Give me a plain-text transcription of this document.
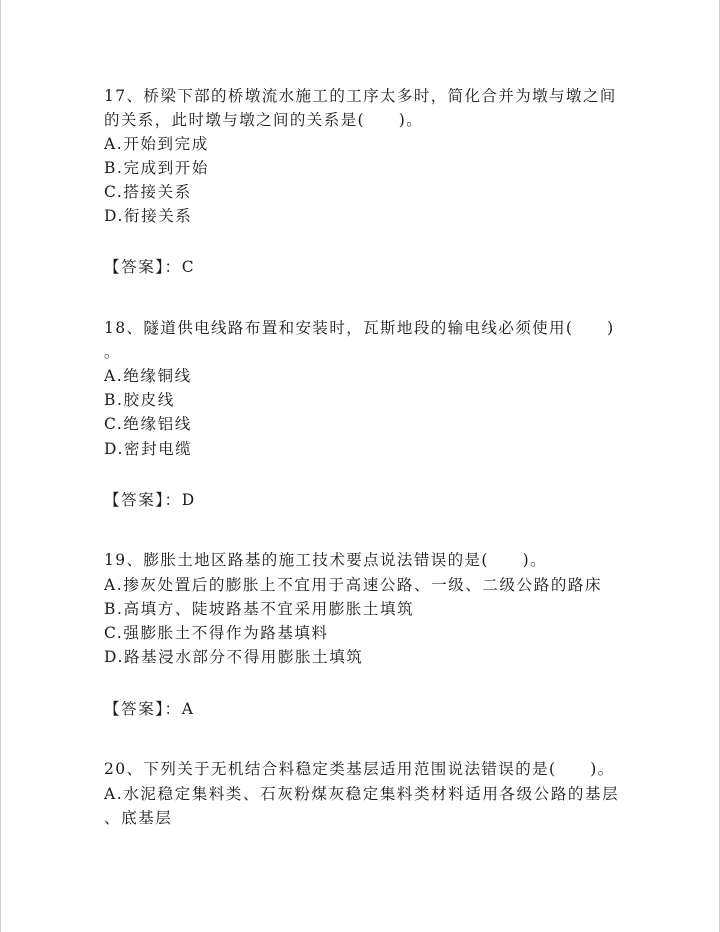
17、桥梁下部的桥墩流水施工的工序太多时，简化合并为墩与墩之间
的关系，此时墩与墩之间的关系是(　　)。
A.开始到完成
B.完成到开始
C.搭接关系
D.衔接关系
【答案】：C
18、隧道供电线路布置和安装时，瓦斯地段的输电线必须使用(　　)
。
A.绝缘铜线
B.胶皮线
C.绝缘铝线
D.密封电缆
【答案】：D
19、膨胀土地区路基的施工技术要点说法错误的是(　　)。
A.掺灰处置后的膨胀上不宜用于高速公路、一级、二级公路的路床
B.高填方、陡坡路基不宜采用膨胀土填筑
C.强膨胀土不得作为路基填料
D.路基浸水部分不得用膨胀土填筑
【答案】：A
20、下列关于无机结合料稳定类基层适用范围说法错误的是(　　)。
A.水泥稳定集料类、石灰粉煤灰稳定集料类材料适用各级公路的基层
、底基层
